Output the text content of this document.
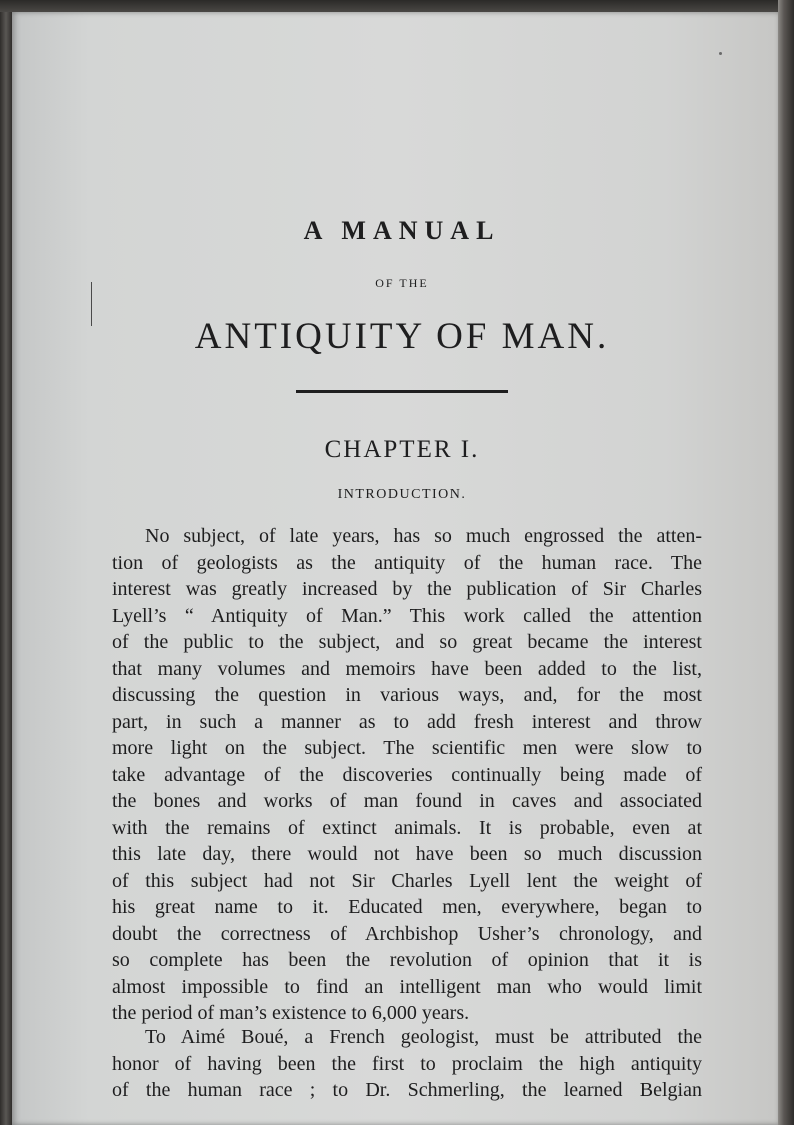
A MANUAL
OF THE
ANTIQUITY OF MAN.
CHAPTER I.
INTRODUCTION.
No subject, of late years, has so much engrossed the atten-
tion of geologists as the antiquity of the human race. The
interest was greatly increased by the publication of Sir Charles
Lyell’s “ Antiquity of Man.” This work called the attention
of the public to the subject, and so great became the interest
that many volumes and memoirs have been added to the list,
discussing the question in various ways, and, for the most
part, in such a manner as to add fresh interest and throw
more light on the subject. The scientific men were slow to
take advantage of the discoveries continually being made of
the bones and works of man found in caves and associated
with the remains of extinct animals. It is probable, even at
this late day, there would not have been so much discussion
of this subject had not Sir Charles Lyell lent the weight of
his great name to it. Educated men, everywhere, began to
doubt the correctness of Archbishop Usher’s chronology, and
so complete has been the revolution of opinion that it is
almost impossible to find an intelligent man who would limit
the period of man’s existence to 6,000 years.
To Aimé Boué, a French geologist, must be attributed the
honor of having been the first to proclaim the high antiquity
of the human race ; to Dr. Schmerling, the learned Belgian
